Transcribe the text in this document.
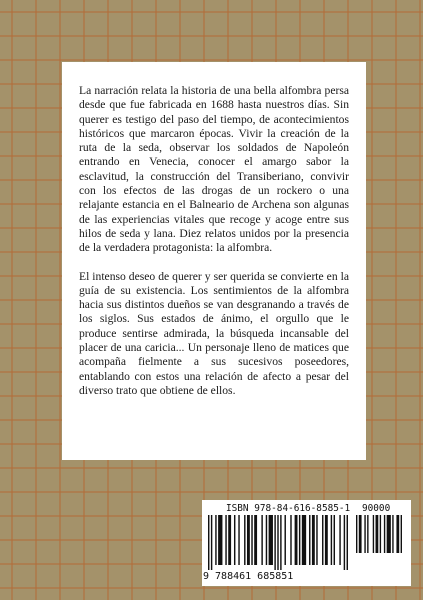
La narración relata la historia de una bella alfombra persa desde que fue fabricada en 1688 hasta nuestros días. Sin querer es testigo del paso del tiempo, de acontecimientos históricos que marcaron épocas. Vivir la creación de la ruta de la seda, observar los soldados de Napoleón entrando en Venecia, conocer el amargo sabor la esclavitud, la construcción del Transiberiano, convivir con los efectos de las drogas de un rockero o una relajante estancia en el Balneario de Archena son algunas de las experiencias vitales que recoge y acoge entre sus hilos de seda y lana. Diez relatos unidos por la presencia de la verdadera protagonista: la alfombra.

El intenso deseo de querer y ser querida se convierte en la guía de su existencia. Los sentimientos de la alfombra hacia sus distintos dueños se van desgranando a través de los siglos. Sus estados de ánimo, el orgullo que le produce sentirse admirada, la búsqueda incansable del placer de una caricia... Un personaje lleno de matices que acompaña fielmente a sus sucesivos poseedores, entablando con estos una relación de afecto a pesar del diverso trato que obtiene de ellos.

ISBN 978-84-616-8585-1 90000
9 788461 685851
